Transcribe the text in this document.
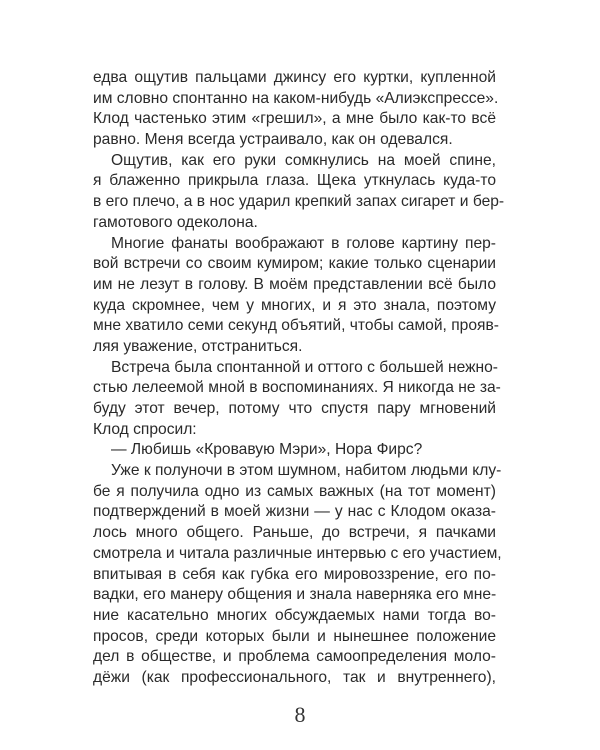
едва ощутив пальцами джинсу его куртки, купленной
им словно спонтанно на каком-нибудь «Алиэкспрессе».
Клод частенько этим «грешил», а мне было как-то всё
равно. Меня всегда устраивало, как он одевался.
Ощутив, как его руки сомкнулись на моей спине,
я блаженно прикрыла глаза. Щека уткнулась куда-то
в его плечо, а в нос ударил крепкий запах сигарет и бер-
гамотового одеколона.
Многие фанаты воображают в голове картину пер-
вой встречи со своим кумиром; какие только сценарии
им не лезут в голову. В моём представлении всё было
куда скромнее, чем у многих, и я это знала, поэтому
мне хватило семи секунд объятий, чтобы самой, прояв-
ляя уважение, отстраниться.
Встреча была спонтанной и оттого с большей нежно-
стью лелеемой мной в воспоминаниях. Я никогда не за-
буду этот вечер, потому что спустя пару мгновений
Клод спросил:
— Любишь «Кровавую Мэри», Нора Фирс?
Уже к полуночи в этом шумном, набитом людьми клу-
бе я получила одно из самых важных (на тот момент)
подтверждений в моей жизни — у нас с Клодом оказа-
лось много общего. Раньше, до встречи, я пачками
смотрела и читала различные интервью с его участием,
впитывая в себя как губка его мировоззрение, его по-
вадки, его манеру общения и знала наверняка его мне-
ние касательно многих обсуждаемых нами тогда во-
просов, среди которых были и нынешнее положение
дел в обществе, и проблема самоопределения моло-
дёжи (как профессионального, так и внутреннего),
8
